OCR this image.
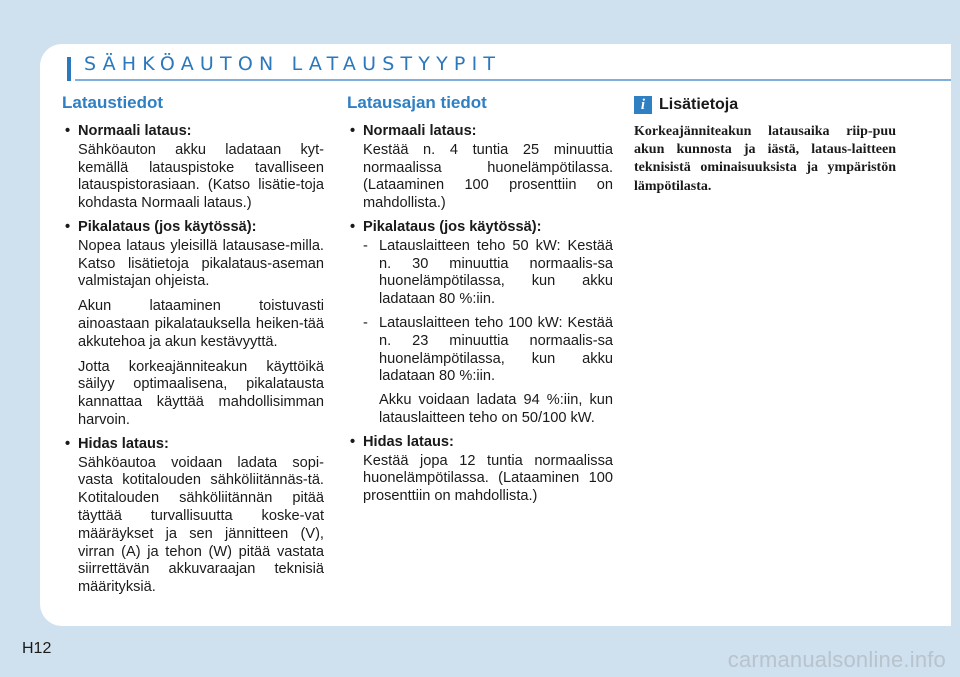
SÄHKÖAUTON LATAUSTYYPIT
Lataustiedot
• Normaali lataus:

Sähköauton akku ladataan kyt-kemällä latauspistoke tavalliseen latauspistorasiaan. (Katso lisätie-toja kohdasta Normaali lataus.)

• Pikalataus (jos käytössä):

Nopea lataus yleisillä latausase-milla. Katso lisätietoja pikalataus-aseman valmistajan ohjeista.

Akun lataaminen toistuvasti ainoastaan pikalatauksella heiken-tää akkutehoa ja akun kestävyyttä.

Jotta korkeajänniteakun käyttöikä säilyy optimaalisena, pikalatausta kannattaa käyttää mahdollisimman harvoin.

• Hidas lataus:

Sähköautoa voidaan ladata sopi-vasta kotitalouden sähköliitännäs-tä. Kotitalouden sähköliitännän pitää täyttää turvallisuutta koske-vat määräykset ja sen jännitteen (V), virran (A) ja tehon (W) pitää vastata siirrettävän akkuvaraajan teknisiä määrityksiä.

Latausajan tiedot
• Normaali lataus:

Kestää n. 4 tuntia 25 minuuttia normaalissa huonelämpötilassa. (Lataaminen 100 prosenttiin on mahdollista.)

• Pikalataus (jos käytössä):
- Latauslaitteen teho 50 kW: Kestää n. 30 minuuttia normaalis-sa huonelämpötilassa, kun akku ladataan 80 %:iin.
- Latauslaitteen teho 100 kW: Kestää n. 23 minuuttia normaalis-sa huonelämpötilassa, kun akku ladataan 80 %:iin.

Akku voidaan ladata 94 %:iin, kun latauslaitteen teho on 50/100 kW.

• Hidas lataus:

Kestää jopa 12 tuntia normaalissa huonelämpötilassa. (Lataaminen 100 prosenttiin on mahdollista.)

i Lisätietoja

Korkeajänniteakun latausaika riip-puu akun kunnosta ja iästä, lataus-laitteen teknisistä ominaisuuksista ja ympäristön lämpötilasta.

H12	carmanualsonline.info
